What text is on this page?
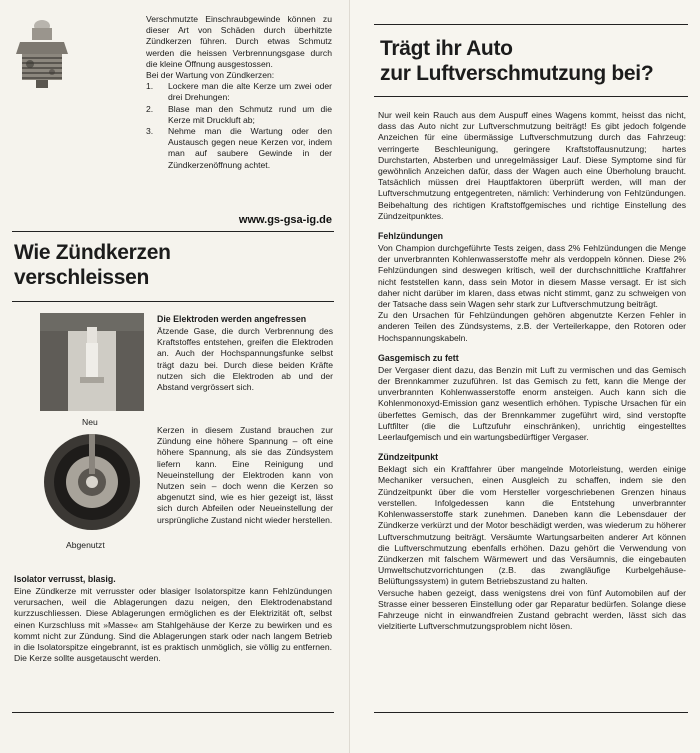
Verschmutzte Einschraubgewinde können zu dieser Art von Schäden durch überhitzte Zündkerzen führen. Durch etwas Schmutz werden die heissen Verbrennungsgase durch die kleine Öffnung ausgestossen.

Bei der Wartung von Zündkerzen:

1.	Lockere man die alte Kerze um zwei oder drei Drehungen:
2.	Blase man den Schmutz rund um die Kerze mit Druckluft ab;
3.	Nehme man die Wartung oder den Austausch gegen neue Kerzen vor, indem man auf saubere Gewinde in der Zündkerzenöffnung achtet.
www.gs-gsa-ig.de

Wie Zündkerzen

verschleissen

Neu
Abgenutzt

Die Elektroden werden angefressen

Ätzende Gase, die durch Verbrennung des Kraftstoffes entstehen, greifen die Elektroden an. Auch der Hochspannungsfunke selbst trägt dazu bei. Durch diese beiden Kräfte nutzen sich die Elektroden ab und der Abstand vergrössert sich.

Kerzen in diesem Zustand brauchen zur Zündung eine höhere Spannung – oft eine höhere Spannung, als sie das Zündsystem liefern kann. Eine Reinigung und Neueinstellung der Elektroden kann von Nutzen sein – doch wenn die Kerzen so abgenutzt sind, wie es hier gezeigt ist, lässt sich durch Abfeilen oder Neueinstellung der ursprüngliche Zustand nicht wieder herstellen.

Isolator verrusst, blasig.

Eine Zündkerze mit verrusster oder blasiger Isolatorspitze kann Fehlzündungen verursachen, weil die Ablagerungen dazu neigen, den Elektrodenabstand kurzzuschliessen. Diese Ablagerungen ermöglichen es der Elektrizität oft, selbst einen Kurzschluss mit »Masse« am Stahlgehäuse der Kerze zu bewirken und es kommt nicht zur Zündung. Sind die Ablagerungen stark oder nach langem Betrieb in die Isolatorspitze eingebrannt, ist es praktisch unmöglich, sie völlig zu entfernen. Die Kerze sollte ausgetauscht werden.

Trägt ihr Auto

zur Luftverschmutzung bei?

Nur weil kein Rauch aus dem Auspuff eines Wagens kommt, heisst das nicht, dass das Auto nicht zur Luftverschmutzung beiträgt! Es gibt jedoch folgende Anzeichen für eine übermässige Luftverschmutzung durch das Fahrzeug: verringerte Beschleunigung, geringere Kraftstoffausnutzung; hartes Durchstarten, Absterben und unregelmässiger Lauf. Diese Symptome sind für gewöhnlich Anzeichen dafür, dass der Wagen auch eine Überholung braucht. Tatsächlich müssen drei Hauptfaktoren überprüft werden, will man der Luftverschmutzung entgegentreten, nämlich: Verhinderung von Fehlzündungen. Beibehaltung des richtigen Kraftstoffgemisches und richtige Einstellung des Zündzeitpunktes.

Fehlzündungen

Von Champion durchgeführte Tests zeigen, dass 2% Fehlzündungen die Menge der unverbrannten Kohlenwasserstoffe mehr als verdoppeln können. Diese 2% Fehlzündungen sind deswegen kritisch, weil der durchschnittliche Kraftfahrer nicht feststellen kann, dass sein Motor in diesem Masse versagt. Er ist sich daher nicht darüber im klaren, dass etwas nicht stimmt, ganz zu schweigen von der Tatsache dass sein Wagen sehr stark zur Luftverschmutzung beiträgt.

Zu den Ursachen für Fehlzündungen gehören abgenutzte Kerzen Fehler in anderen Teilen des Zündsystems, z.B. der Verteilerkappe, den Rotoren oder Hochspannungskabeln.

Gasgemisch zu fett

Der Vergaser dient dazu, das Benzin mit Luft zu vermischen und das Gemisch der Brennkammer zuzuführen. Ist das Gemisch zu fett, kann die Menge der unverbrannten Kohlenwasserstoffe enorm ansteigen. Auch kann sich die Kohlenmonoxyd-Emission ganz wesentlich erhöhen. Typische Ursachen für ein überfettes Gemisch, das der Brennkammer zugeführt wird, sind verstopfte Luftfilter (die die Luftzufuhr einschränken), unrichtig eingestelltes Leerlaufgemisch und ein wartungsbedürftiger Vergaser.

Zündzeitpunkt

Beklagt sich ein Kraftfahrer über mangelnde Motorleistung, werden einige Mechaniker versuchen, einen Ausgleich zu schaffen, indem sie den Zündzeitpunkt über die vom Hersteller vorgeschriebenen Grenzen hinaus verstellen. Infolgedessen kann die Entstehung unverbrannter Kohlenwasserstoffe stark zunehmen. Daneben kann die Lebensdauer der Zündkerze verkürzt und der Motor beschädigt werden, was wiederum zu höherer Luftverschmutzung beiträgt. Versäumte Wartungsarbeiten anderer Art können die Luftverschmutzung ebenfalls erhöhen. Dazu gehört die Verwendung von Zündkerzen mit falschem Wärmewert und das Versäumnis, die eingebauten Umweltschutzvorrichtungen (z.B. das zwangläufige Kurbelgehäuse-Belüftungssystem) in gutem Betriebszustand zu halten.

Versuche haben gezeigt, dass wenigstens drei von fünf Automobilen auf der Strasse einer besseren Einstellung oder gar Reparatur bedürfen. Solange diese Fahrzeuge nicht in einwandfreien Zustand gebracht werden, lässt sich das vielzitierte Luftverschmutzungsproblem nicht lösen.
